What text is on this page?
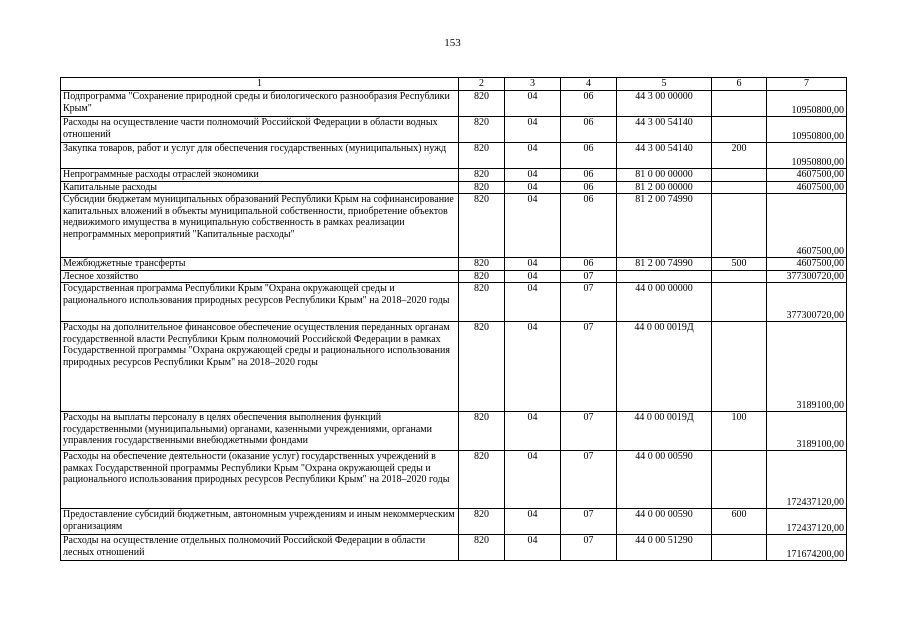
153
1	2	3	4	5	6	7
Подпрограмма "Сохранение природной среды и биологического разнообразия Республики Крым"	820	04	06	44 3 00 00000		10950800,00
Расходы на осуществление части полномочий Российской Федерации в области водных отношений	820	04	06	44 3 00 54140		10950800,00
Закупка товаров, работ и услуг для обеспечения государственных (муниципальных) нужд	820	04	06	44 3 00 54140	200	10950800,00
Непрограммные расходы отраслей экономики	820	04	06	81 0 00 00000		4607500,00
Капитальные расходы	820	04	06	81 2 00 00000		4607500,00
Субсидии бюджетам муниципальных образований Республики Крым на софинансирование капитальных вложений в объекты муниципальной собственности, приобретение объектов недвижимого имущества в муниципальную собственность в рамках реализации непрограммных мероприятий "Капитальные расходы"	820	04	06	81 2 00 74990		4607500,00
Межбюджетные трансферты	820	04	06	81 2 00 74990	500	4607500,00
Лесное хозяйство	820	04	07			377300720,00
Государственная программа Республики Крым "Охрана окружающей среды и рационального использования природных ресурсов Республики Крым" на 2018–2020 годы	820	04	07	44 0 00 00000		377300720,00
Расходы на дополнительное финансовое обеспечение осуществления переданных органам государственной власти Республики Крым полномочий Российской Федерации в рамках Государственной программы "Охрана окружающей среды и рационального использования природных ресурсов Республики Крым" на 2018–2020 годы	820	04	07	44 0 00 0019Д		3189100,00
Расходы на выплаты персоналу в целях обеспечения выполнения функций государственными (муниципальными) органами, казенными учреждениями, органами управления государственными внебюджетными фондами	820	04	07	44 0 00 0019Д	100	3189100,00
Расходы на обеспечение деятельности (оказание услуг) государственных учреждений в рамках Государственной программы Республики Крым "Охрана окружающей среды и рационального использования природных ресурсов Республики Крым" на 2018–2020 годы	820	04	07	44 0 00 00590		172437120,00
Предоставление субсидий бюджетным, автономным учреждениям и иным некоммерческим организациям	820	04	07	44 0 00 00590	600	172437120,00
Расходы на осуществление отдельных полномочий Российской Федерации в области лесных отношений	820	04	07	44 0 00 51290		171674200,00
